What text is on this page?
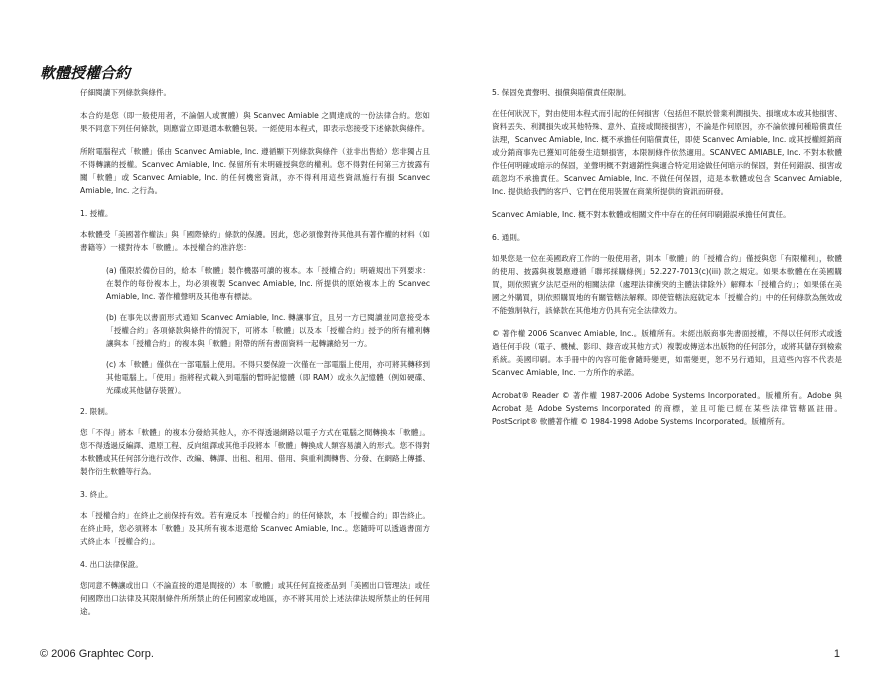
軟體授權合約

仔細閱讀下列條款與條件。

本合約是您（即一般使用者，不論個人或實體）與 Scanvec Amiable 之間達成的一份法律合約。您如果不同意下列任何條款，則應當立即退還本軟體包裝。一經使用本程式，即表示您接受下述條款與條件。

所附電腦程式「軟體」係由 Scanvec Amiable, Inc. 遵循顯下列條款與條件（並非出售給）您非獨占且不得轉讓的授權。Scanvec Amiable, Inc. 保留所有未明確授與您的權利。您不得對任何第三方披露有關「軟體」或 Scanvec Amiable, Inc. 的任何機密資訊，亦不得利用這些資訊施行有損 Scanvec Amiable, Inc. 之行為。

1. 授權。

本軟體受「美國著作權法」與「國際條約」條款的保護。因此，您必須像對待其他具有著作權的材料（如書籍等）一樣對待本「軟體」。本授權合約准許您：

(a) 僅限於備份目的，給本「軟體」製作機器可讀的複本。本「授權合約」明確規出下列要求：在製作的每份複本上，均必須複製 Scanvec Amiable, Inc. 所提供的原始複本上的 Scanvec Amiable, Inc. 著作權聲明及其他專有標誌。

(b) 在事先以書面形式通知 Scanvec Amiable, Inc. 轉讓事宜，且另一方已閱讀並同意接受本「授權合約」各項條款與條件的情況下，可將本「軟體」以及本「授權合約」授予的所有權利轉讓與本「授權合約」的複本與「軟體」附帶的所有書面資料一起轉讓給另一方。

(c) 本「軟體」僅供在一部電腦上使用。不得只要保證一次僅在一部電腦上使用，亦可將其轉移到其他電腦上。「使用」指將程式載入到電腦的暫時記憶體（即 RAM）或永久記憶體（例如硬碟、光碟或其他儲存裝置）。

2. 限制。

您「不得」將本「軟體」的複本分發給其他人，亦不得透過網路以電子方式在電腦之間轉換本「軟體」。您不得透過反編譯、還原工程、反向組譯或其他手段將本「軟體」轉換成人類容易讀入的形式。您不得對本軟體或其任何部分進行改作、改編、轉譯、出租、租用、借用、與重利潤轉售、分發、在網路上傳播、製作衍生軟體等行為。

3. 終止。

本「授權合約」在終止之前保持有效。若有違反本「授權合約」的任何條款，本「授權合約」即告終止。在終止時，您必須將本「軟體」及其所有複本退還給 Scanvec Amiable, Inc.。您隨時可以透過書面方式終止本「授權合約」。

4. 出口法律保證。

您同意不轉讓或出口（不論直接的還是間接的）本「軟體」或其任何直接產品到「美國出口管理法」或任何國際出口法律及其限制條件所所禁止的任何國家或地區，亦不將其用於上述法律法規所禁止的任何用途。

5. 保固免責聲明、損償與賠償責任限制。

在任何狀況下，對由使用本程式而引起的任何損害（包括但不限於營業利潤損失、損壞成本或其他損害、資料丟失、利潤損失或其他特殊、意外、直接或間接損害），不論是作何原因，亦不論依據何種賠償責任法理，Scanvec Amiable, Inc. 概不承擔任何賠償責任，即使 Scanvec Amiable, Inc. 或其授權經銷商或分銷商事先已獲知可能發生這類損害，本限制條件依然適用。SCANVEC AMIABLE, Inc. 不對本軟體作任何明確或暗示的保固，並聲明概不對適銷性與適合特定用途做任何暗示的保固，對任何錯誤、損害或疏忽均不承擔責任。Scanvec Amiable, Inc. 不做任何保固，這是本軟體或包含 Scanvec Amiable, Inc. 提供給我們的客戶、它們在使用裝置在商業所提供的資訊而研發。

Scanvec Amiable, Inc. 概不對本軟體或相關文件中存在的任何印刷錯誤承擔任何責任。

6. 通則。

如果您是一位在美國政府工作的一般使用者，則本「軟體」的「授權合約」僅授與您「有限權利」，軟體的使用、披露與複製應遵循「聯邦採購條例」52.227-7013(c)(iii) 款之規定。如果本軟體在在美國購買，則依照賓夕法尼亞州的相關法律（處理法律衝突的主體法律除外）解釋本「授權合約」；如果係在美國之外購買，則依照購買地的有關管轄法解釋。即使管轄法庭就定本「授權合約」中的任何條款為無效或不能強制執行，該條款在其他地方仍具有完全法律效力。

© 著作權 2006 Scanvec Amiable, Inc.。版權所有。未經出版商事先書面授權，不得以任何形式或透過任何手段（電子、機械、影印、錄音或其他方式）複製或傳送本出版物的任何部分，或將其儲存到檢索系統。美國印刷。本手冊中的內容可能會隨時變更，如需變更，恕不另行通知，且這些內容不代表是 Scanvec Amiable, Inc. 一方所作的承諾。

Acrobat® Reader © 著作權 1987-2006 Adobe Systems Incorporated。版權所有。Adobe 與 Acrobat 是 Adobe Systems Incorporated 的商標，並且可能已經在某些法律管轄區註冊。PostScript® 軟體著作權 © 1984-1998 Adobe Systems Incorporated。版權所有。

© 2006 Graphtec Corp.	1
